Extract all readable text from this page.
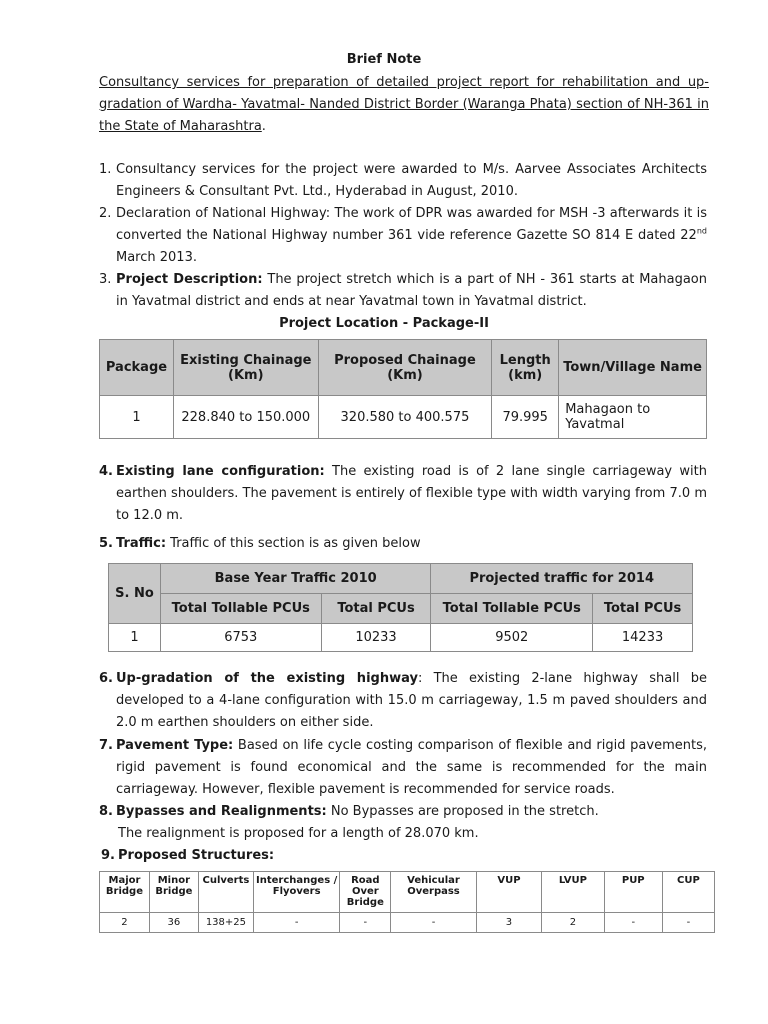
Brief Note
Consultancy services for preparation of detailed project report for rehabilitation and up-gradation of Wardha- Yavatmal- Nanded District Border (Waranga Phata) section of NH-361 in the State of Maharashtra.
1. Consultancy services for the project were awarded to M/s. Aarvee Associates Architects Engineers & Consultant Pvt. Ltd., Hyderabad in August, 2010.
2. Declaration of National Highway: The work of DPR was awarded for MSH -3 afterwards it is converted the National Highway number 361 vide reference Gazette SO 814 E dated 22nd March 2013.
3. Project Description: The project stretch which is a part of NH - 361 starts at Mahagaon in Yavatmal district and ends at near Yavatmal town in Yavatmal district.
Project Location - Package-II
Package	Existing Chainage (Km)	Proposed Chainage (Km)	Length (km)	Town/Village Name
1	228.840 to 150.000	320.580 to 400.575	79.995	Mahagaon to Yavatmal
4. Existing lane configuration: The existing road is of 2 lane single carriageway with earthen shoulders. The pavement is entirely of flexible type with width varying from 7.0 m to 12.0 m.
5. Traffic: Traffic of this section is as given below
S. No	Base Year Traffic 2010		Projected traffic for 2014	
	Total Tollable PCUs	Total PCUs	Total Tollable PCUs	Total PCUs
1	6753	10233	9502	14233
6. Up-gradation of the existing highway: The existing 2-lane highway shall be developed to a 4-lane configuration with 15.0 m carriageway, 1.5 m paved shoulders and 2.0 m earthen shoulders on either side.
7. Pavement Type: Based on life cycle costing comparison of flexible and rigid pavements, rigid pavement is found economical and the same is recommended for the main carriageway. However, flexible pavement is recommended for service roads.
8. Bypasses and Realignments: No Bypasses are proposed in the stretch.
The realignment is proposed for a length of 28.070 km.
9. Proposed Structures:
Major Bridge	Minor Bridge	Culverts	Interchanges / Flyovers	Road Over Bridge	Vehicular Overpass	VUP	LVUP	PUP	CUP
2	36	138+25	-	-	-	3	2	-	-
